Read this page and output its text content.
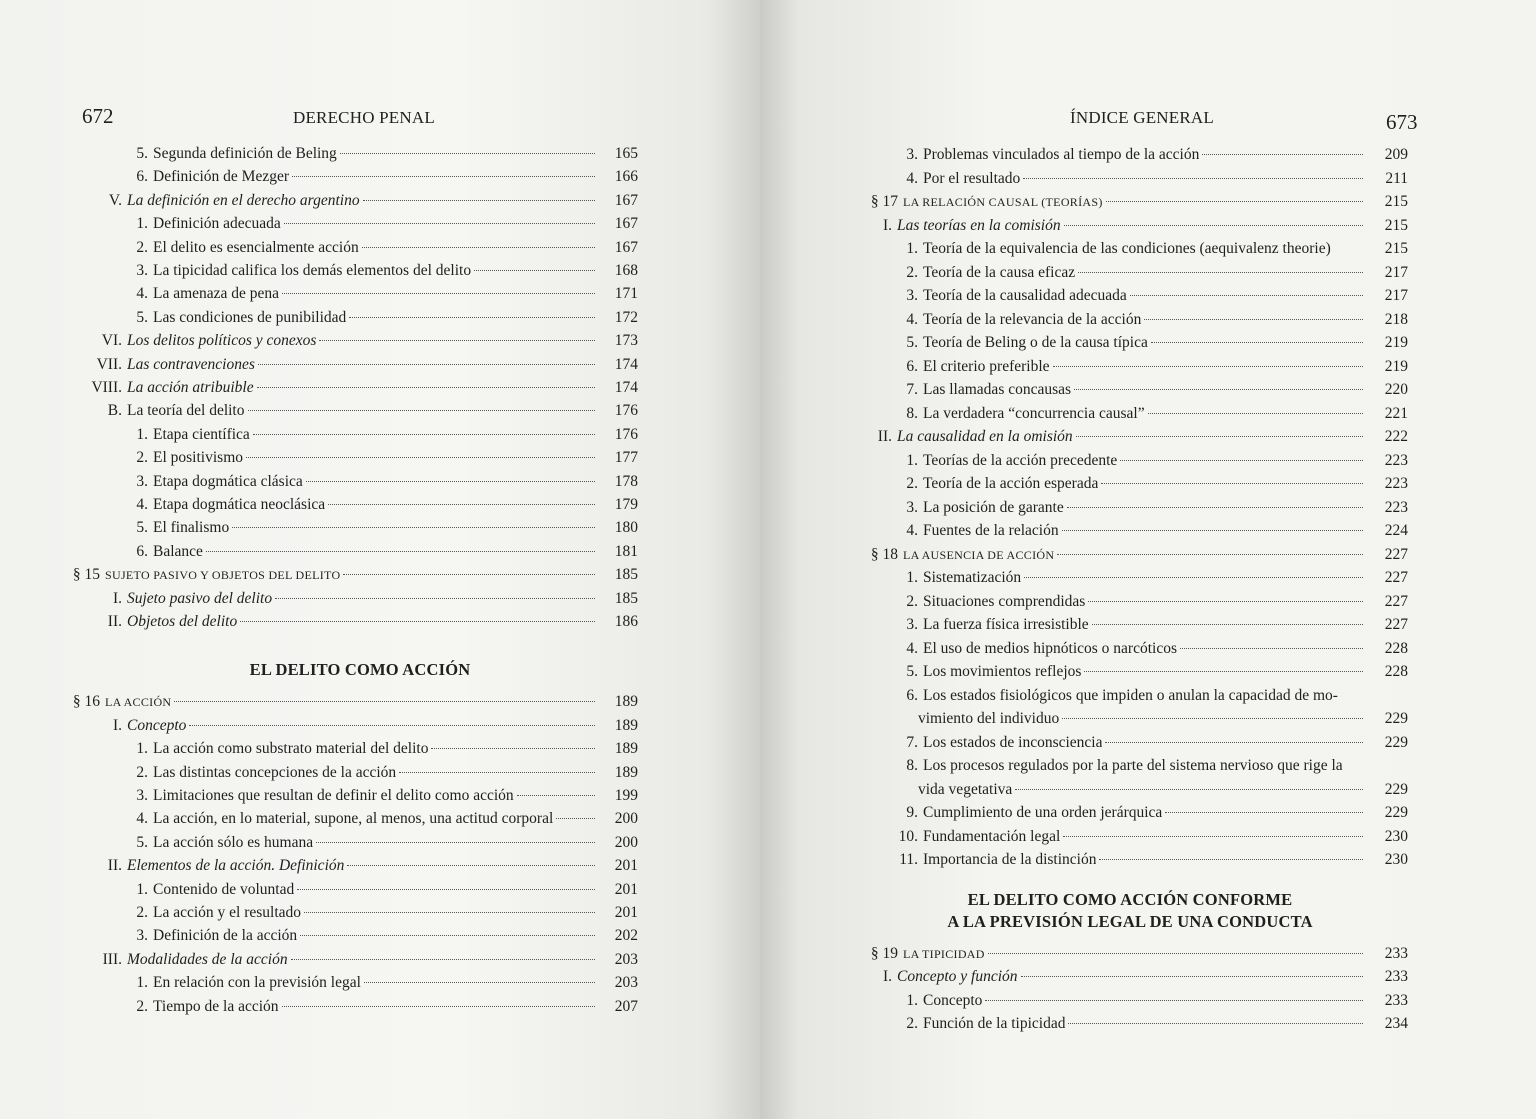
672	DERECHO PENAL
5. Segunda definición de Beling	165
6. Definición de Mezger	166
V. La definición en el derecho argentino	167
1. Definición adecuada	167
2. El delito es esencialmente acción	167
3. La tipicidad califica los demás elementos del delito	168
4. La amenaza de pena	171
5. Las condiciones de punibilidad	172
VI. Los delitos políticos y conexos	173
VII. Las contravenciones	174
VIII. La acción atribuible	174
B. La teoría del delito	176
1. Etapa científica	176
2. El positivismo	177
3. Etapa dogmática clásica	178
4. Etapa dogmática neoclásica	179
5. El finalismo	180
6. Balance	181
§ 15 SUJETO PASIVO Y OBJETOS DEL DELITO	185
I. Sujeto pasivo del delito	185
II. Objetos del delito	186
§ 16 LA ACCIÓN	189
I. Concepto	189
1. La acción como substrato material del delito	189
2. Las distintas concepciones de la acción	189
3. Limitaciones que resultan de definir el delito como acción	199
4. La acción, en lo material, supone, al menos, una actitud corporal	200
5. La acción sólo es humana	200
II. Elementos de la acción. Definición	201
1. Contenido de voluntad	201
2. La acción y el resultado	201
3. Definición de la acción	202
III. Modalidades de la acción	203
1. En relación con la previsión legal	203
2. Tiempo de la acción	207
EL DELITO COMO ACCIÓN
ÍNDICE GENERAL	673
3. Problemas vinculados al tiempo de la acción	209
4. Por el resultado	211
§ 17 LA RELACIÓN CAUSAL (TEORÍAS)	215
I. Las teorías en la comisión	215
1. Teoría de la equivalencia de las condiciones (aequivalenz theorie)	215
2. Teoría de la causa eficaz	217
3. Teoría de la causalidad adecuada	217
4. Teoría de la relevancia de la acción	218
5. Teoría de Beling o de la causa típica	219
6. El criterio preferible	219
7. Las llamadas concausas	220
8. La verdadera “concurrencia causal”	221
II. La causalidad en la omisión	222
1. Teorías de la acción precedente	223
2. Teoría de la acción esperada	223
3. La posición de garante	223
4. Fuentes de la relación	224
§ 18 LA AUSENCIA DE ACCIÓN	227
1. Sistematización	227
2. Situaciones comprendidas	227
3. La fuerza física irresistible	227
4. El uso de medios hipnóticos o narcóticos	228
5. Los movimientos reflejos	228
6. Los estados fisiológicos que impiden o anulan la capacidad de mo-
vimiento del individuo	229
7. Los estados de inconsciencia	229
8. Los procesos regulados por la parte del sistema nervioso que rige la
vida vegetativa	229
9. Cumplimiento de una orden jerárquica	229
10. Fundamentación legal	230
11. Importancia de la distinción	230
§ 19 LA TIPICIDAD	233
I. Concepto y función	233
1. Concepto	233
2. Función de la tipicidad	234
EL DELITO COMO ACCIÓN CONFORME
A LA PREVISIÓN LEGAL DE UNA CONDUCTA
